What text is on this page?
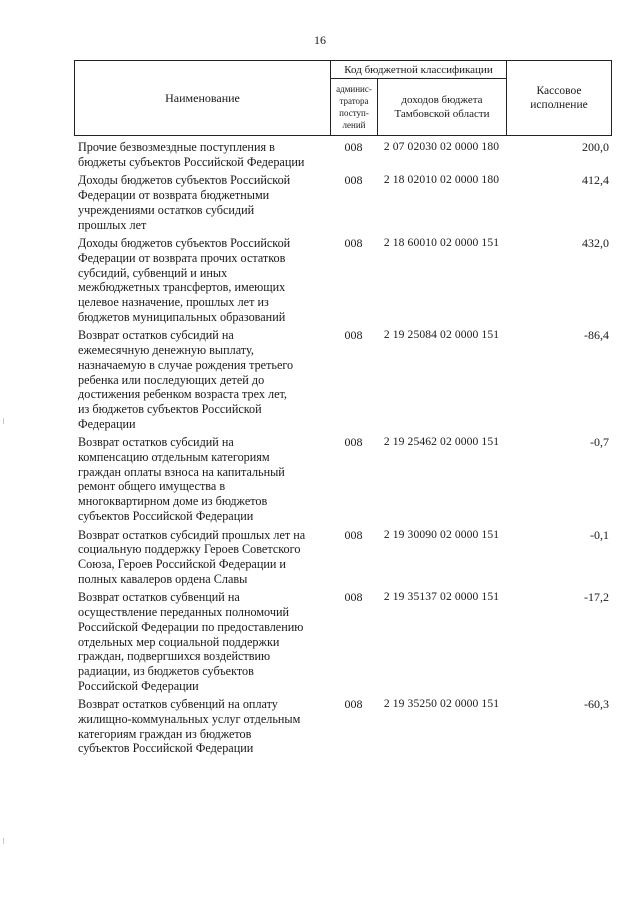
16
Наименование
Код бюджетной классификации
админис-
тратора
поступ-
лений
доходов бюджета
Тамбовской области
Кассовое
исполнение
Прочие безвозмездные поступления в
бюджеты субъектов Российской Федерации
008	2 07 02030 02 0000 180	200,0
Доходы бюджетов субъектов Российской
Федерации от возврата бюджетными
учреждениями остатков субсидий
прошлых лет
008	2 18 02010 02 0000 180	412,4
Доходы бюджетов субъектов Российской
Федерации от возврата прочих остатков
субсидий, субвенций и иных
межбюджетных трансфертов, имеющих
целевое назначение, прошлых лет из
бюджетов муниципальных образований
008	2 18 60010 02 0000 151	432,0
Возврат остатков субсидий на
ежемесячную денежную выплату,
назначаемую в случае рождения третьего
ребенка или последующих детей до
достижения ребенком возраста трех лет,
из бюджетов субъектов Российской
Федерации
008	2 19 25084 02 0000 151	-86,4
Возврат остатков субсидий на
компенсацию отдельным категориям
граждан оплаты взноса на капитальный
ремонт общего имущества в
многоквартирном доме из бюджетов
субъектов Российской Федерации
008	2 19 25462 02 0000 151	-0,7
Возврат остатков субсидий прошлых лет на
социальную поддержку Героев Советского
Союза, Героев Российской Федерации и
полных кавалеров ордена Славы
008	2 19 30090 02 0000 151	-0,1
Возврат остатков субвенций на
осуществление переданных полномочий
Российской Федерации по предоставлению
отдельных мер социальной поддержки
граждан, подвергшихся воздействию
радиации, из бюджетов субъектов
Российской Федерации
008	2 19 35137 02 0000 151	-17,2
Возврат остатков субвенций на оплату
жилищно-коммунальных услуг отдельным
категориям граждан из бюджетов
субъектов Российской Федерации
008	2 19 35250 02 0000 151	-60,3
